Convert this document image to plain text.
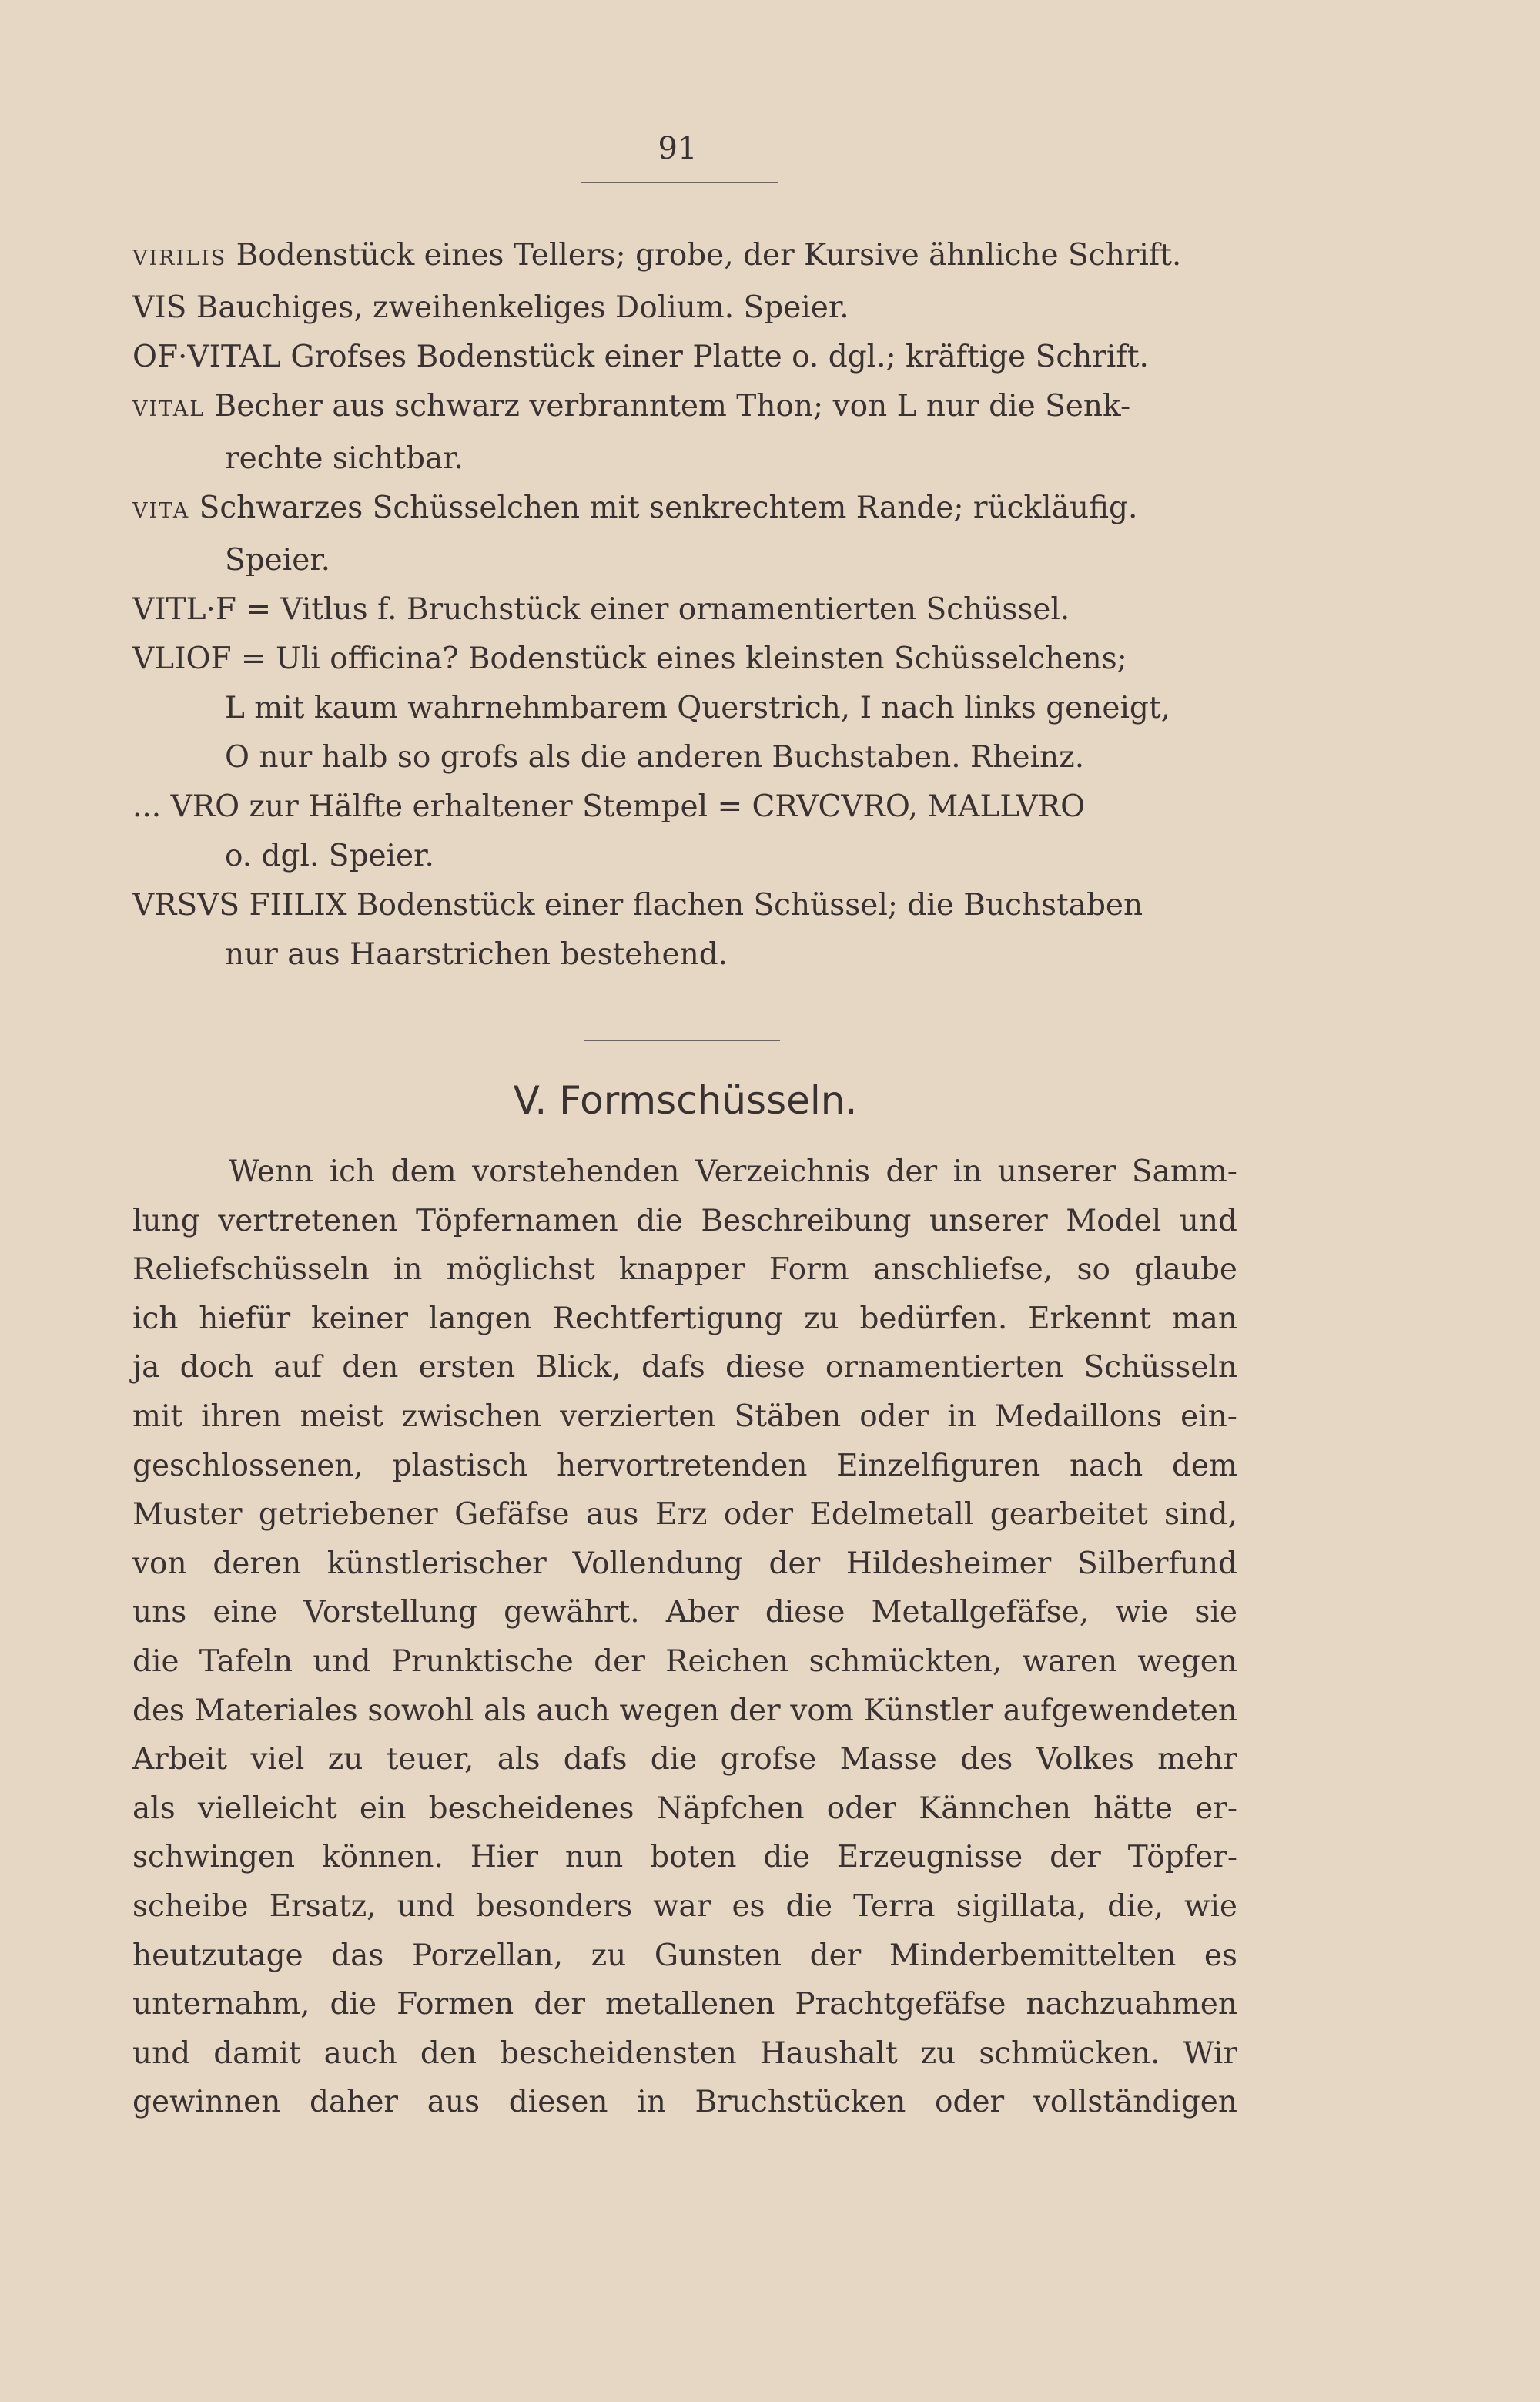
91
VIRILIS Bodenstück eines Tellers; grobe, der Kursive ähnliche Schrift.
VIS Bauchiges, zweihenkeliges Dolium. Speier.
OF·VITAL Grofses Bodenstück einer Platte o. dgl.; kräftige Schrift.
VITAL Becher aus schwarz verbranntem Thon; von L nur die Senk-
rechte sichtbar.
VITA Schwarzes Schüsselchen mit senkrechtem Rande; rückläufig.
Speier.
VITL·F = Vitlus f. Bruchstück einer ornamentierten Schüssel.
VLIOF = Uli officina? Bodenstück eines kleinsten Schüsselchens;
L mit kaum wahrnehmbarem Querstrich, I nach links geneigt,
O nur halb so grofs als die anderen Buchstaben. Rheinz.
... VRO zur Hälfte erhaltener Stempel = CRVCVRO, MALLVRO
o. dgl. Speier.
VRSVS FIILIX Bodenstück einer flachen Schüssel; die Buchstaben
nur aus Haarstrichen bestehend.
V. Formschüsseln.
Wenn ich dem vorstehenden Verzeichnis der in unserer Samm-
lung vertretenen Töpfernamen die Beschreibung unserer Model und
Reliefschüsseln in möglichst knapper Form anschliefse, so glaube
ich hiefür keiner langen Rechtfertigung zu bedürfen. Erkennt man
ja doch auf den ersten Blick, dafs diese ornamentierten Schüsseln
mit ihren meist zwischen verzierten Stäben oder in Medaillons ein-
geschlossenen, plastisch hervortretenden Einzelfiguren nach dem
Muster getriebener Gefäfse aus Erz oder Edelmetall gearbeitet sind,
von deren künstlerischer Vollendung der Hildesheimer Silberfund
uns eine Vorstellung gewährt. Aber diese Metallgefäfse, wie sie
die Tafeln und Prunktische der Reichen schmückten, waren wegen
des Materiales sowohl als auch wegen der vom Künstler aufgewendeten
Arbeit viel zu teuer, als dafs die grofse Masse des Volkes mehr
als vielleicht ein bescheidenes Näpfchen oder Kännchen hätte er-
schwingen können. Hier nun boten die Erzeugnisse der Töpfer-
scheibe Ersatz, und besonders war es die Terra sigillata, die, wie
heutzutage das Porzellan, zu Gunsten der Minderbemittelten es
unternahm, die Formen der metallenen Prachtgefäfse nachzuahmen
und damit auch den bescheidensten Haushalt zu schmücken. Wir
gewinnen daher aus diesen in Bruchstücken oder vollständigen
